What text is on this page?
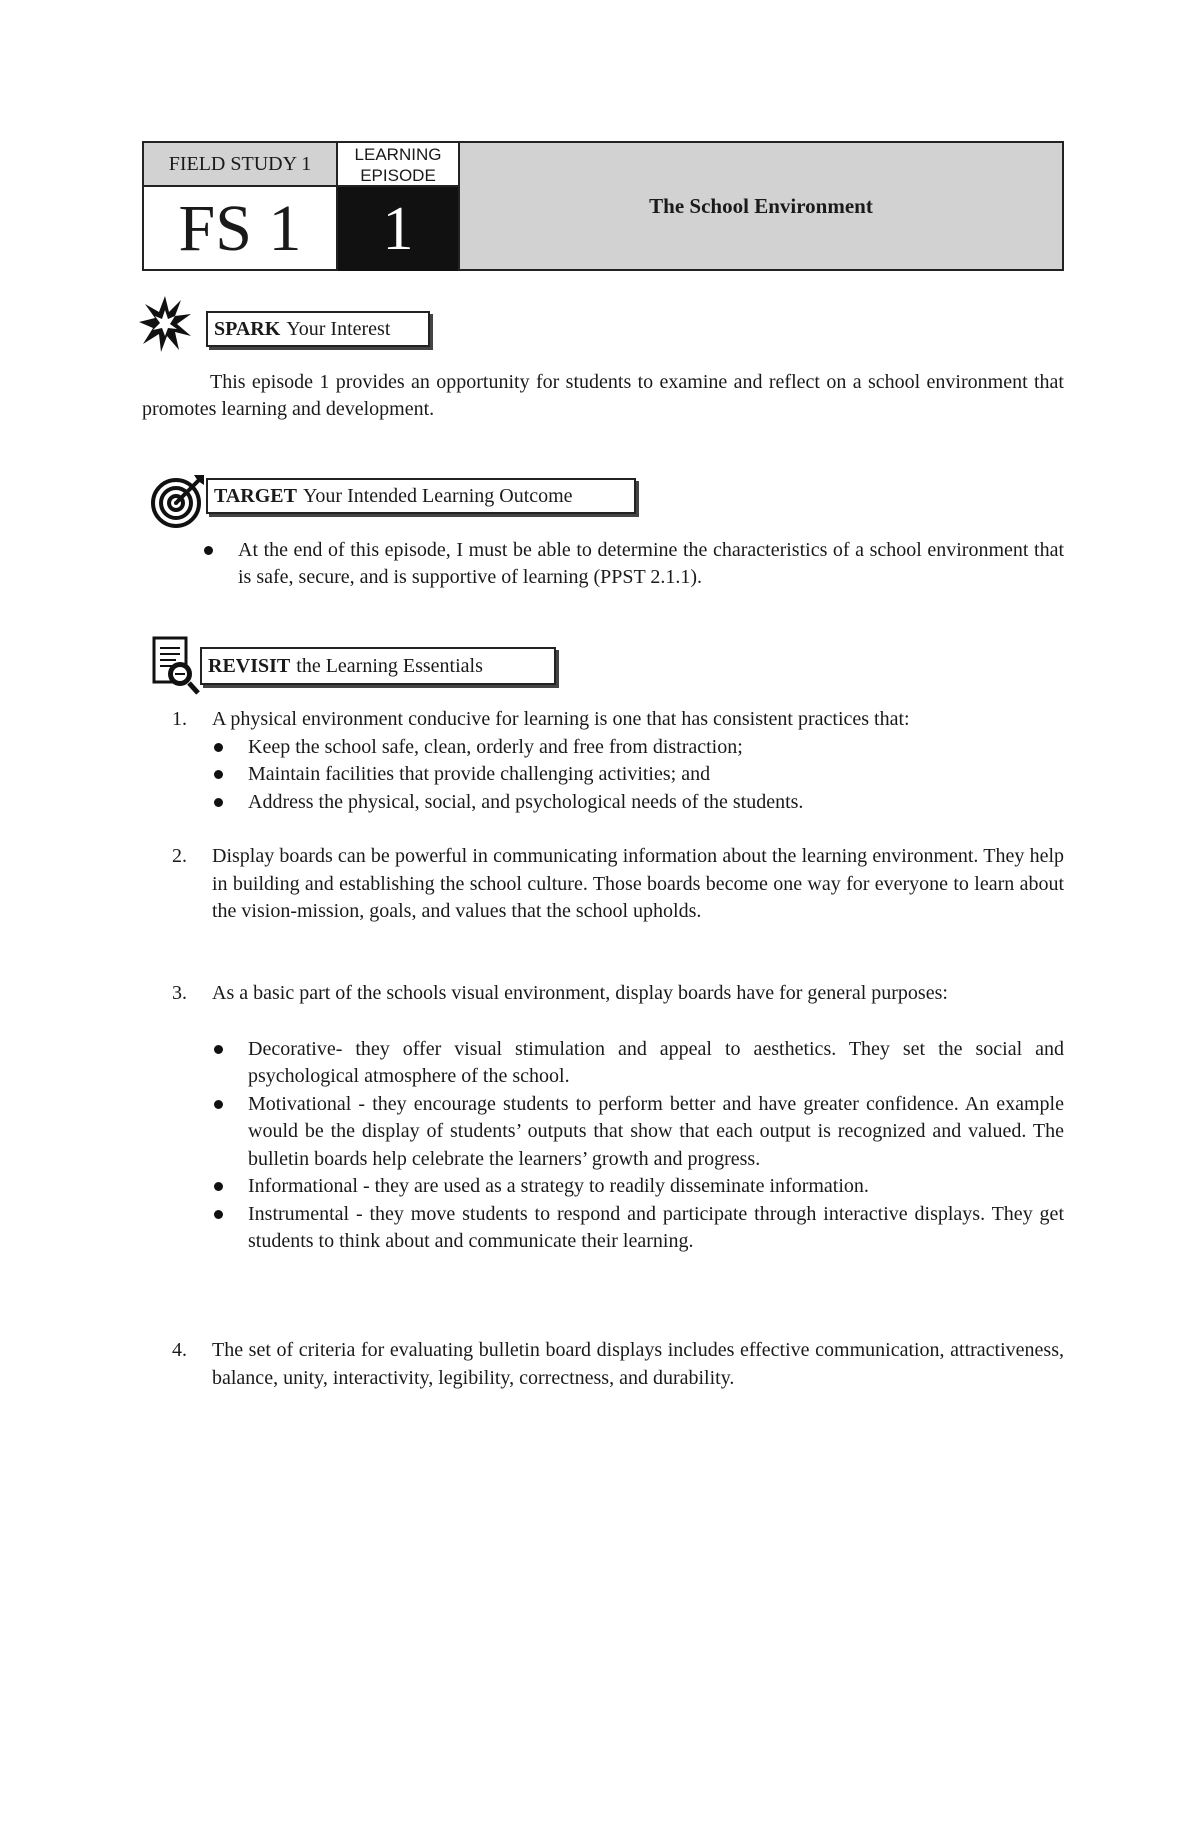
FIELD STUDY 1
FS 1
LEARNING EPISODE
1	The School Environment
SPARK Your Interest
This episode 1 provides an opportunity for students to examine and reflect on a school environment that promotes learning and development.
TARGET Your Intended Learning Outcome
At the end of this episode, I must be able to determine the characteristics of a school environment that is safe, secure, and is supportive of learning (PPST 2.1.1).
REVISIT the Learning Essentials
1. A physical environment conducive for learning is one that has consistent practices that:
Keep the school safe, clean, orderly and free from distraction;
Maintain facilities that provide challenging activities; and
Address the physical, social, and psychological needs of the students.
2. Display boards can be powerful in communicating information about the learning environment. They help in building and establishing the school culture. Those boards become one way for everyone to learn about the vision-mission, goals, and values that the school upholds.
3. As a basic part of the schools visual environment, display boards have for general purposes:
Decorative- they offer visual stimulation and appeal to aesthetics. They set the social and psychological atmosphere of the school.
Motivational - they encourage students to perform better and have greater confidence. An example would be the display of students’ outputs that show that each output is recognized and valued. The bulletin boards help celebrate the learners’ growth and progress.
Informational - they are used as a strategy to readily disseminate information.
Instrumental - they move students to respond and participate through interactive displays. They get students to think about and communicate their learning.
4. The set of criteria for evaluating bulletin board displays includes effective communication, attractiveness, balance, unity, interactivity, legibility, correctness, and durability.
